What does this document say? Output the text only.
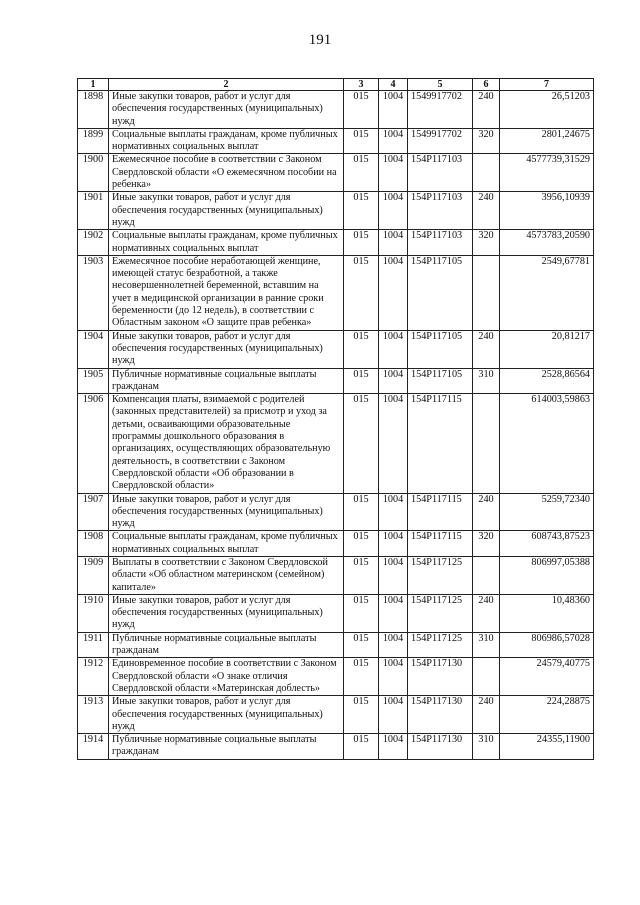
191
1	2	3	4	5	6	7
1898	Иные закупки товаров, работ и услуг для обеспечения государственных (муниципальных) нужд	015	1004	1549917702	240	26,51203
1899	Социальные выплаты гражданам, кроме публичных нормативных социальных выплат	015	1004	1549917702	320	2801,24675
1900	Ежемесячное пособие в соответствии с Законом Свердловской области «О ежемесячном пособии на ребенка»	015	1004	154P117103		4577739,31529
1901	Иные закупки товаров, работ и услуг для обеспечения государственных (муниципальных) нужд	015	1004	154P117103	240	3956,10939
1902	Социальные выплаты гражданам, кроме публичных нормативных социальных выплат	015	1004	154P117103	320	4573783,20590
1903	Ежемесячное пособие неработающей женщине, имеющей статус безработной, а также несовершеннолетней беременной, вставшим на учет в медицинской организации в ранние сроки беременности (до 12 недель), в соответствии с Областным законом «О защите прав ребенка»	015	1004	154P117105		2549,67781
1904	Иные закупки товаров, работ и услуг для обеспечения государственных (муниципальных) нужд	015	1004	154P117105	240	20,81217
1905	Публичные нормативные социальные выплаты гражданам	015	1004	154P117105	310	2528,86564
1906	Компенсация платы, взимаемой с родителей (законных представителей) за присмотр и уход за детьми, осваивающими образовательные программы дошкольного образования в организациях, осуществляющих образовательную деятельность, в соответствии с Законом Свердловской области «Об образовании в Свердловской области»	015	1004	154P117115		614003,59863
1907	Иные закупки товаров, работ и услуг для обеспечения государственных (муниципальных) нужд	015	1004	154P117115	240	5259,72340
1908	Социальные выплаты гражданам, кроме публичных нормативных социальных выплат	015	1004	154P117115	320	608743,87523
1909	Выплаты в соответствии с Законом Свердловской области «Об областном материнском (семейном) капитале»	015	1004	154P117125		806997,05388
1910	Иные закупки товаров, работ и услуг для обеспечения государственных (муниципальных) нужд	015	1004	154P117125	240	10,48360
1911	Публичные нормативные социальные выплаты гражданам	015	1004	154P117125	310	806986,57028
1912	Единовременное пособие в соответствии с Законом Свердловской области «О знаке отличия Свердловской области «Материнская доблесть»	015	1004	154P117130		24579,40775
1913	Иные закупки товаров, работ и услуг для обеспечения государственных (муниципальных) нужд	015	1004	154P117130	240	224,28875
1914	Публичные нормативные социальные выплаты гражданам	015	1004	154P117130	310	24355,11900
